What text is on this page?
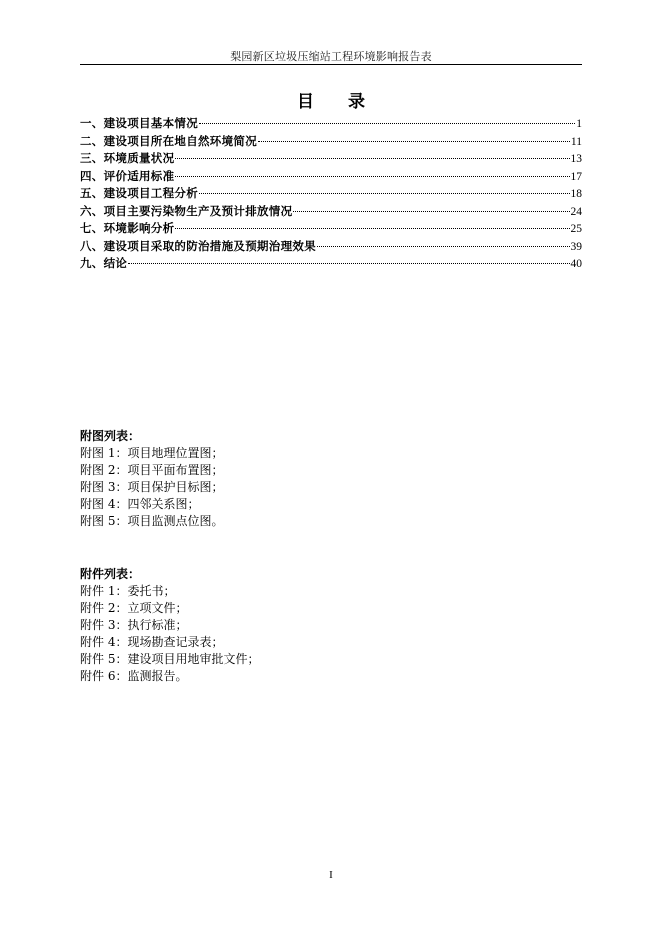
梨园新区垃圾压缩站工程环境影响报告表
目 录
一、建设项目基本情况	1
二、建设项目所在地自然环境简况	11
三、环境质量状况	13
四、评价适用标准	17
五、建设项目工程分析	18
六、项目主要污染物生产及预计排放情况	24
七、环境影响分析	25
八、建设项目采取的防治措施及预期治理效果	39
九、结论	40
附图列表：
附图 1：项目地理位置图；
附图 2：项目平面布置图；
附图 3：项目保护目标图；
附图 4：四邻关系图；
附图 5：项目监测点位图。
附件列表：
附件 1：委托书；
附件 2：立项文件；
附件 3：执行标准；
附件 4：现场勘查记录表；
附件 5：建设项目用地审批文件；
附件 6：监测报告。
I
